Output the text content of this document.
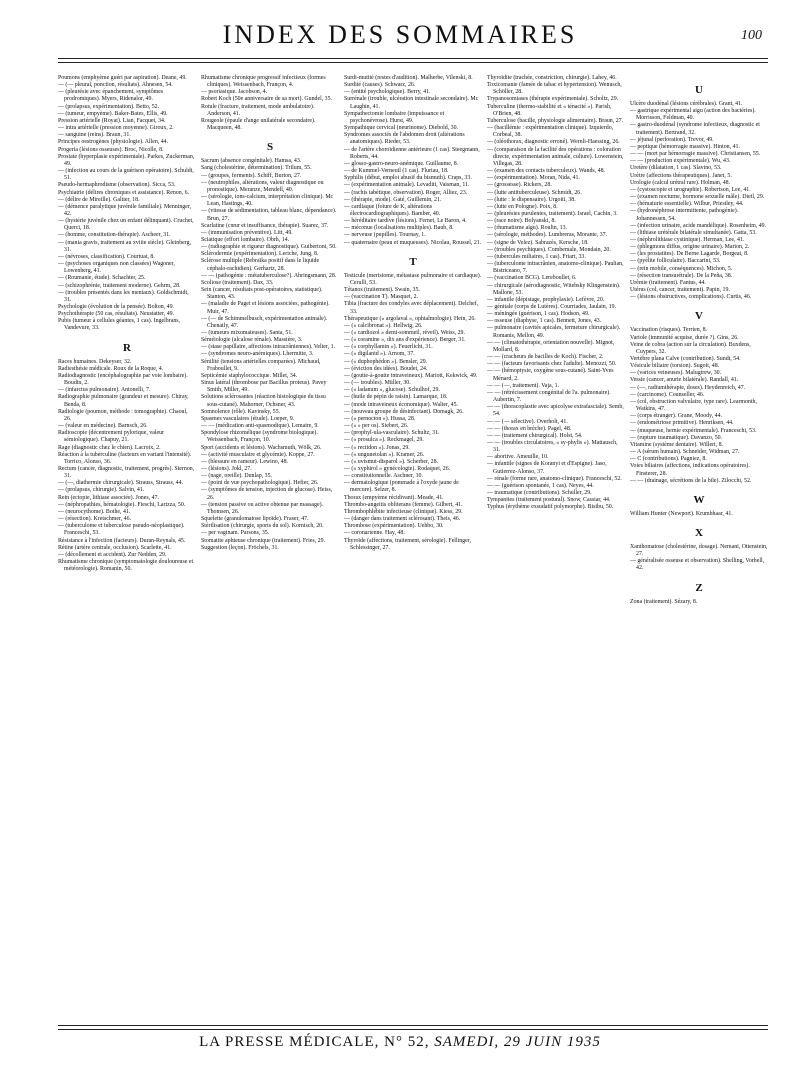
INDEX DES SOMMAIRES	100

Poumons (emphyème guéri par aspiration). Deane, 49.

— (— pleural, ponction, résultats). Ahnesen, 54.

— (pleurésie avec épanchement, symptômes prodromiques). Myers, Ridenalor, 49.

— (prolapsus, expérimentation). Betto, 52.

— (tumeur, empyème). Baker-Bates, Ellis, 49.

Pression artérielle (Royat). Lian, Facquet, 34.

— intra artérielle (pression moyenne). Giroux, 2.

— sanguine (reins). Braun, 31.

Principes oestrogènes (physiologie). Allen, 44.

Progeria (lésions osseuses). Broc, Nicolle, 8.

Prostate (hyperplasie expérimentale). Parkes, Zuckerman, 49.

— (infection au cours de la guérison opératoire). Schuldt, 51.

Pseudo-hermaphrodisme (observation). Sicca, 53.

Psychiatrie (délires chroniques et assistance). Renon, 6.

— (délire de Mireille). Galtier, 18.

— (démence paralytique juvénile familiale). Menninger, 42.

— (hystérie juvénile chez un enfant délinquant). Cruchet, Querci, 18.

— (homme, constitution-thérapie). Ascheer, 31.

— (mania gravis, traitement au xviiie siècle). Gleinberg, 31.

— (névroses, classification). Courtuat, 8.

— (psychoses organiques non classées) Wagoner, Lowenberg, 41.

— (Roumanie, étude). Schachter, 25.

— (schizophrénie, traitement moderne). Gehrm, 28.

— (troubles présentés dans les mentaux). Goldschmidt, 31.

Psychologie (évolution de la pensée). Bolton, 49.

Psychothérapie (50 cas, résultats). Neustatter, 49.

Pubis (tumeur à cellules géantes, 1 cas). Ingelbrans, Vandevure, 33.

R

Races humaines. Dekeyser, 32.

Radiesthésie médicale. Roux de la Roque, 4.

Radiodiagnostic (encéphalographie par voie lombaire). Boudin, 2.

— (infarctus pulmonaire). Antonelli, 7.

Radiographie pulmonaire (grandeur et mesure). Chiray, Benda, 8.

Radiologie (poumon, méthode : tomographie). Chaoul, 26.

— (valeur en médecine). Barnsch, 26.

Radioscopie (décentrement pylorique, valeur sémiologique). Chapuy, 21.

Rage (diagnostic chez le chien). Lacroix, 2.

Réaction à la tuberculine (facteurs en variant l'intensité). Torrico, Alonso, 36.

Rectum (cancer, diagnostic, traitement, progrès). Sternon, 31.

— (—, diathermie chirurgicale). Strauss, Strauss, 44.

— (prolapsus, chirurgie). Salvin, 41.

Rein (ectopie, lithiase associée). Jones, 47.

— (néphropathies, hématologie). Fieschi, Larizza, 50.

— (neurocythome). Bothe, 41.

— (résection). Kretschmer, 46.

— (tuberculome et tuberculose pseudo-néoplastique). Franceschi, 53.

Résistance à l'infection (facteurs). Duran-Reynals, 45.

Rétine (artère centrale, occlusion). Scarlette, 41.

— (décollement et accident). Zur Nedden, 29.

Rhumatisme chronique (symptomatologie douloureuse et météorologie). Romanin, 50.

Rhumatisme chronique progressif infectieux (formes cliniques). Weissenbach, Françon, 4.

— psoriasique. Jacobson, 4.

Robert Koch (50e anniversaire de sa mort). Gundel, 35.

Rotule (fracture, traitement, mode ambulatoire). Anderson, 41.

Rougeole (épaule d'ange unilatérale secondaire). Macqueen, 48.

S

Sacrum (absence congénitale). Hamsa, 43.

Sang (cholestérine, détermination). Trilum, 55.

— (groupes, ferments). Schiff, Burton, 27.

— (neutrophiles, altérations, valeur diagnostique ou pronostique). Meranze, Mendell, 40.

— (sérologie, ions-calcium, interprétation clinique). Mc Lean, Hastings, 40.

— (vitesse de sédimentation, tableau blanc, dépendance). Brun, 27.

Scarlatine (cœur et insuffisance, thérapie). Suarez, 37.

— (immunisation préventive). Litt, 49.

Sciatique (effort lombaire). Obrh, 14.

— (radiographie et rigueur diagnostique). Guibertoni, 50.

Sclérodermie (expérimentation). Leriche, Jung, 8.

Sclérose multiple (Rebraïka positif dans le liquide céphalo-rachidien). Gerhartz, 28.

— — (pathogénie : métatuberculose?). Ahringsmann, 28.

Scoliose (traitement). Dax, 33.

Sein (cancer, résultats post-opératoires, statistique). Stanton, 43.

— (maladie de Paget et lésions associées, pathogénie). Muir, 47.

— (— de Schimmelbusch, expérimentation animale). Chenatly, 47.

— (tumeurs mixomateuses). Santa, 51.

Séméiologie (alcalose rénale). Massière, 3.

— (stase papillaire, affections intracrâniennes). Velter, 1.

— (syndromes neuro-anémiques). Lhermitte, 3.

Sénilité (tensions artérielles comparées). Michaud, Fraboullet, 9.

Septicémie staphylococcique. Millet, 34.

Sinus latéral (thrombose par Bacillus proteus). Pavey Smith, Miller, 49.

Solutions sclérosantes (réaction histologique du tissu sous-cutané). Mahorner, Ochsner, 43.

Somnolence (rôle). Kavinsky, 55.

Spasmes vasculaires (étude). Loeper, 9.

— — (médication anti-spasmodique). Lemaire, 9.

Spondylose rhizomélique (syndrome biologique). Weissenbach, Françon, 10.

Sport (accidents et lésions). Wachsmuth, Wölk, 26.

— (activité musculaire et glycémie). Koppe, 27.

— (blessure en rameur). Lewino, 48.

— (lésions). Jokl, 27.

— (nage, oreille). Dunlap, 35.

— (point de vue psychopathologique). Hefter, 26.

— (symptômes de tension, injection de glucose). Heiss, 26.

— (tension passive ou active obtenue par massage). Thomsen, 26.

Squelette (granulomatose lipoïde). Fraser, 47.

Stérilisation (chirurgie, sports du sol). Kornisch, 20.

— per vaginam. Parsons, 35.

Stomatite aphteuse chronique (traitement). Fries, 29.

Suggestion (leçon). Fröchels, 31.

Surdi-mutité (restes d'audition). Malherbe, Vilenski, 8.

Surdité (causes). Schwarz, 26.

— (entité psychologique). Berry, 41.

Surrénale (trouble, ulcération intestinale secondaire). Mc Laughin, 41.

Sympathectomie lombaire (impuissance et psychonévrose). Hurst, 49.

Sympathique cervical (neurinome). Diebold, 30.

Syndromes associés de l'abdomen droit (altérations anatomiques). Rieder, 53.

— de l'artère choroïdienne antérieure (1 cas). Steegmann, Roberts, 44.

— glosso-gastro-neuro-anémique. Guillaume, 8.

— de Kummel-Verneuil (1 cas). Fluriau, 18.

Syphilis (début, emploi abusif du bismuth). Craps, 33.

— (expérimentation animale). Levaditi, Vaisman, 11.

— (rachis tabétique, observation). Roger, Alliez, 23.

— (thérapie, mode). Gaté, Guillemin, 21.

— cardiaque (foïure de K, altérations électrocardiographiques). Bamber, 40.

— héréditaire tardive (lésions). Fernet, Le Baron, 4.

— méconue (localisations multiples). Baub, 8.

— nerveuse (pupilles). Tournay, 1.

— quaternaire (peau et muqueuses). Nicolau, Roussel, 21.

T

Testicule (meristome, métastase pulmonaire et cardiaque). Cerulli, 53.

Tétanos (traitement). Swain, 35.

— (vaccination T). Masquet, 2.

Tibia (fracture des condyles avec déplacement). Delchef, 33.

Thérapeutique (« argolaval », ophtalmologie). Hein, 26.

— (« calcibronat »). Hellwig, 26.

— (« cardiozol » demi-sommeil, réveil). Weiss, 29.

— (« coramine », dix ans d'expérience). Berger, 31.

— (« corphyllamin »). Feuerlicht, 31.

— (« digilanid »). Arnom, 37.

— (« duphophédon »). Bensler, 29.

— (éviction des idées). Boudet, 24.

— (goutte-à-goutte intraveineux). Mariott, Kekwick, 49.

— (— troubles). Müller, 30.

— (« ladanum », glucose). Schulhof, 29.

— (huile de pépin de raisin). Lamarque, 18.

— (mode intraveineux économique). Walter, 45.

— (nouveau groupe de désinfectant). Domagk, 26.

— (« pernocton »). Hussa, 28.

— (« » per os). Siebert, 26.

— (prophyl-ula-vasculaire). Schultz, 31.

— (« prosulca »). Reckmagel, 29.

— (« rectidon »). Jonas, 29.

— (« ungunetolan »). Kramer, 26.

— (« uvismut-disparol »). Scherber, 28.

— (« xyphirol » gynécologie). Rodaquet, 26.

— constitutionnelle. Aschner, 10.

— dermatologique (pommade à l'oxyde jaune de mercure). Selzer, 8.

Thorax (empyème récidivant). Meade, 41.

Thrombo-angeitis obliterans (femme). Gilbert, 41.

Thrombophlébite infectieuse (clinique). Kiess, 29.

— (danger dans traitement sclérosant). Theis, 46.

Thrombose (expérimentation). Uehbo, 30.

— coronarienne. Hay, 48.

Thyroïde (affections, traitement, sérologie). Fellinger, Schlessinger, 27.

Thyroïdite (trachée, constriction, chirurgie). Lahey, 46.

Toxicomanie (famée de tabac et hypertension). Wenusch, Schöller, 28.

Trypanosomiases (thérapie expérimentale). Scholtz, 29.

Tuberculine (thermo-stabilité et « ténacité »). Parish, O'Brien, 48.

Tuberculose (bacille, physiologie alimentaire). Braun, 27.

— (bacillémie : expérimentation clinique). Izquierdo, Corbeal, 38.

— (oléothorax, diagnostic erroné). Wernli-Haessing, 26.

— (comparaison de la facilité des opérations : coloration directe, expérimentation animale, culture). Lowenstein, Villegas, 28.

— (examen des contacts tuberculeux). Wands, 48.

— (expérimentation). Moran, Nida, 41.

— (grossesse). Rickers, 28.

— (lutte antituberculeuse). Schmidt, 26.

— (lutte : le dispensaire). Urgoiti, 38.

— (lutte en Pologne). Poix, 8.

— (pleurésies purulentes, traitement). Israel, Cachin, 3.

— (race noire). Bolyanski, 8.

— (rhumatisme aigu). Roulin, 13.

— (sérologie, méthodes). Lumbreras, Morante, 37.

— (signe de Velez). Sabrazès, Kersche, 18.

— (troubles psychiques). Combemale, Mondain, 20.

— (tubercules miliaires, 1 cas). Friart, 33.

— (tuberculome intracrânien, anatomo-clinique). Paulian, Bistriceano, 7.

— (vaccination BCG). Lereboullet, 6.

— chirurgicale (aérodiagnostic, Witebsky Klingenstein). Mallone, 53.

— infantile (dépistage, prophylaxie). Lefèvre, 20.

— génitale (corps de Lutères). Courriades, Jaulain, 19.

— méningée (guérison, 1 cas). Hodson, 49.

— osseuse (diaphyse, 1 cas). Bennett, Jones, 43.

— pulmonaire (cavités apicales, fermeture chirurgicale). Romanis, Mellon, 49.

— — (climatothérapie, orientation nouvelle). Mignot, Mollard, 8.

— — (cracheurs de bacilles de Koch). Fischer, 2.

— — (facteurs favorisants chez l'adulte). Menozzi, 50.

— — (hémoptysie, oxygène sous-cutané). Saint-Yves Ménard, 2.

— — (—, traitement). Vaja, 1.

— — (rétrécissement congénital de l'a. pulmonaire). Aubertin, 7.

— — (thoracoplastie avec apicolyse extrafasciale). Semb, 54.

— — (— sélective). Overholt, 41.

— — (thorax en brèche). Pagel, 48.

— — (traitement chirurgical). Holst, 54.

— — (troubles circulatoires, « sy-phylis »). Mattausch, 31.

— abortive. Ameuille, 10.

— infantile (signes de Koranyi et d'Espigne). Jaso, Gutierrez-Alonso, 37.

— rénale (forme rare, anatomo-clinique). Franceschi, 52.

— — (guérison spontanée, 1 cas). Neyes, 44.

— traumatique (contributions). Schuller, 29.

Tympanites (traitement postural). Snow, Cassiar, 44.

Typhus (érythème exsudatif polymorphe). Bisibu, 50.

U

Ulcère duodénal (lésions cérébrales). Grant, 41.

— gastrique expérimental aigu (action des bactéries). Morrisson, Feldman, 40.

— gastro-duodénal (syndrome infectieux, diagnostic et traitement). Bertrand, 32.

— jéjunal (perforation). Trevor, 49.

— peptique (hémorragie massive). Hinton, 41.

— — (mort par hémorragie massive). Christiansen, 55.

— — (production expérimentale). Wu, 43.

Uretère (dilatation, 1 cas). Slavino, 53.

Urètre (affections thérapeutiques). Janet, 5.

Urologie (calcul urétral rare). Holman, 48.

— (cystoscopie et urographie). Robertson, Lee, 41.

— (examen nocturne, hormone sexuelle mâle). Dietl, 29.

— (hématurie essentielle). Wilbur, Priestley, 44.

— (hydronéphrose intermittente, pathogénie). Johannessen, 54.

— (infection urinaire, acide mandélique). Rosenheim, 49.

— (lithiase urétérale bilatérale simultanée). Gatta, 53.

— (néphrolithiase cystinique). Herman, Lee, 41.

— (phlegmons diffus, origine urinaire). Marion, 2.

— (les prostatites). De Berne Lagarde, Borgeat, 8.

— (pyélite folliculaire). Baccarini, 53.

— (rein mobile, conséquences). Michon, 5.

— (résection transurétrale). De la Peña, 38.

Urèmie (traitement). Fantus, 44.

Utérus (col, cancer, traitement). Papin, 19.

— (lésions obstructives, complications). Curtis, 46.

V

Vaccination (risques). Terrien, 8.

Variole (immunité acquise, durée ?). Gins, 26.

Veine de cobra (action sur la circulation). Buxdens, Cuypers, 32.

Vertèbre plana Calve (contribution). Sundt, 54.

Vésicule biliaire (torsion). Sugoit, 48.

— (varices veineuses). Malugirew, 30.

Vessie (cancer, anurie bilatérale). Randall, 41.

— (—, radiumthérapie, doses). Heydenreich, 47.

— (carcinome). Counseller, 46.

— (col, obstruction valvulaire, type rare). Learmonth, Watkins, 47.

— (corps étranger). Grane, Moody, 44.

— (endométriose primitive). Henriksen, 44.

— (muqueuse, hernie expérimentale). Franceschi, 53.

— (rupture traumatique). Davanzo, 50.

Vitamine (système dentaire). Willert, 8.

— A (sérum humain). Schneider, Widman, 27.

— C (contributions). Pagniez, 8.

Voies biliaires (affections, indications opératoires). Finsterer, 28.

— — (drainage, sécrétions de la bile). Zilocchi, 52.

W

William Hunter (Newport). Krumbhaar, 41.

X

Xanthomatose (cholestérine, dosage). Nemani, Ottenstein, 27.

— généralisée osseuse et observation). Shelling, Vorhell, 42.

Z

Zona (traitement). Sézary, 8.

LA PRESSE MÉDICALE, N° 52, SAMEDI, 29 JUIN 1935
